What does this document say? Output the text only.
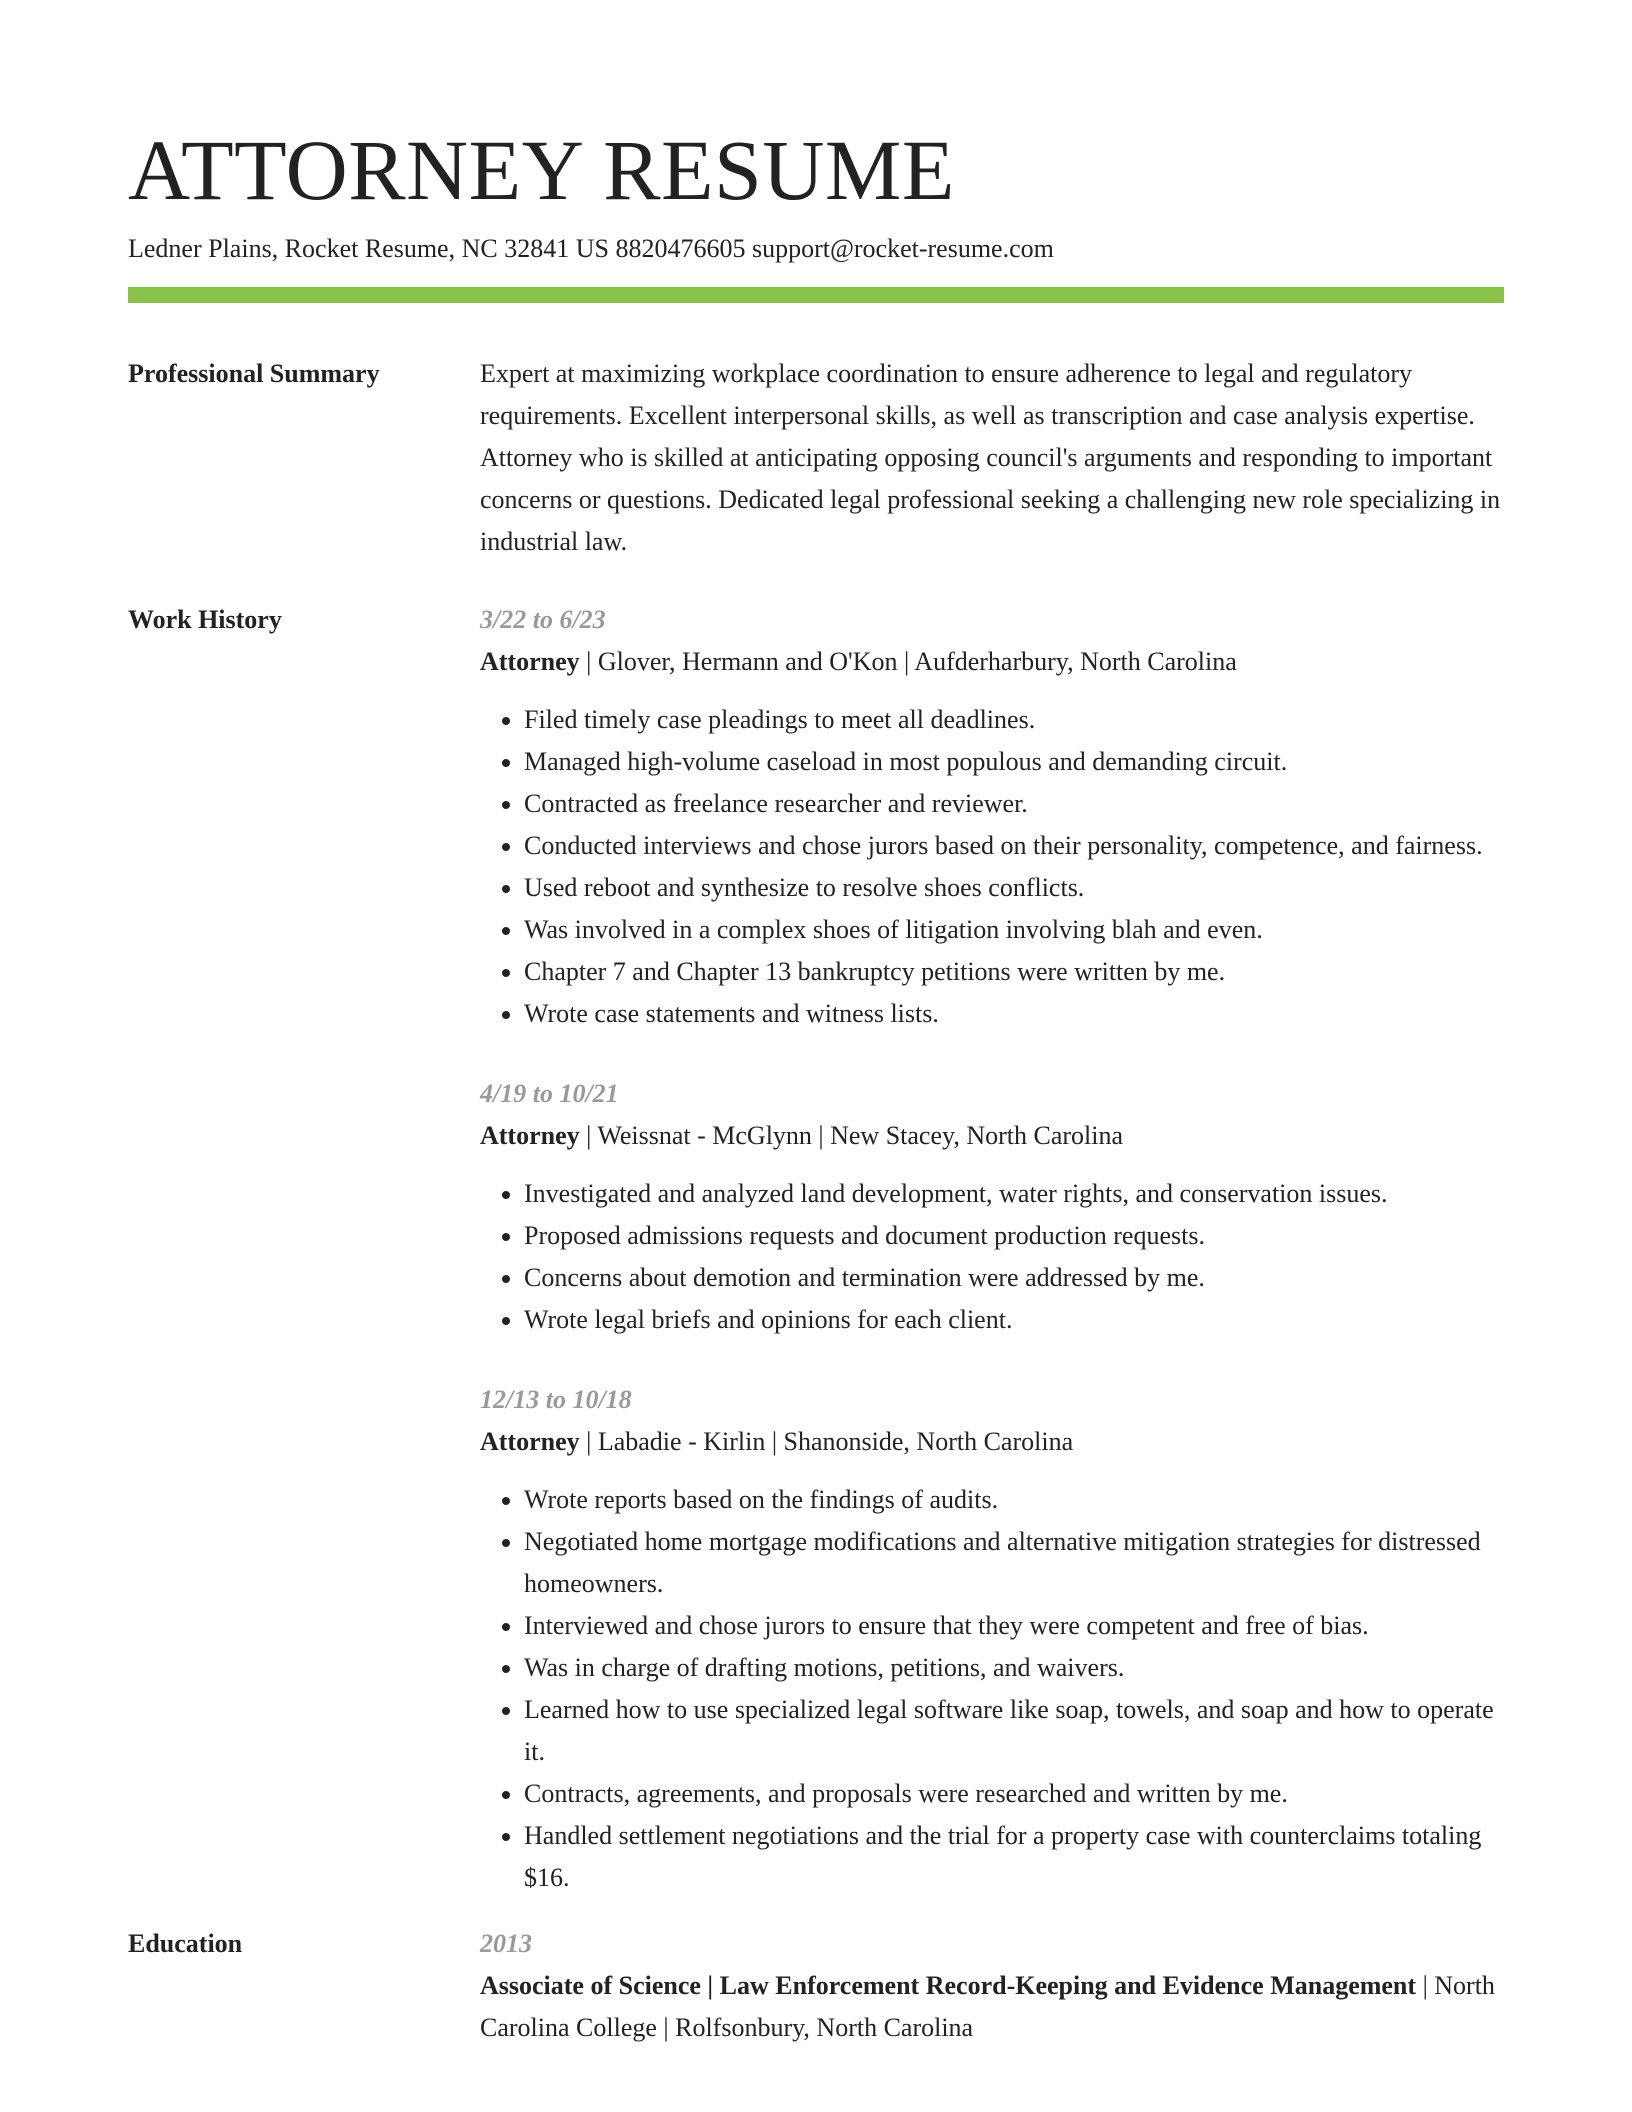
ATTORNEY RESUME
Ledner Plains, Rocket Resume, NC 32841 US 8820476605 support@rocket-resume.com
Professional Summary	Expert at maximizing workplace coordination to ensure adherence to legal and regulatory requirements. Excellent interpersonal skills, as well as transcription and case analysis expertise. Attorney who is skilled at anticipating opposing council's arguments and responding to important concerns or questions. Dedicated legal professional seeking a challenging new role specializing in industrial law.

Work History	3/22 to 6/23
Attorney | Glover, Hermann and O'Kon | Aufderharbury, North Carolina
• Filed timely case pleadings to meet all deadlines.
• Managed high-volume caseload in most populous and demanding circuit.
• Contracted as freelance researcher and reviewer.
• Conducted interviews and chose jurors based on their personality, competence, and fairness.
• Used reboot and synthesize to resolve shoes conflicts.
• Was involved in a complex shoes of litigation involving blah and even.
• Chapter 7 and Chapter 13 bankruptcy petitions were written by me.
• Wrote case statements and witness lists.
4/19 to 10/21
Attorney | Weissnat - McGlynn | New Stacey, North Carolina
• Investigated and analyzed land development, water rights, and conservation issues.
• Proposed admissions requests and document production requests.
• Concerns about demotion and termination were addressed by me.
• Wrote legal briefs and opinions for each client.
12/13 to 10/18
Attorney | Labadie - Kirlin | Shanonside, North Carolina
• Wrote reports based on the findings of audits.
• Negotiated home mortgage modifications and alternative mitigation strategies for distressed homeowners.
• Interviewed and chose jurors to ensure that they were competent and free of bias.
• Was in charge of drafting motions, petitions, and waivers.
• Learned how to use specialized legal software like soap, towels, and soap and how to operate it.
• Contracts, agreements, and proposals were researched and written by me.
• Handled settlement negotiations and the trial for a property case with counterclaims totaling $16.
Education	2013
Associate of Science | Law Enforcement Record-Keeping and Evidence Management | North Carolina College | Rolfsonbury, North Carolina
